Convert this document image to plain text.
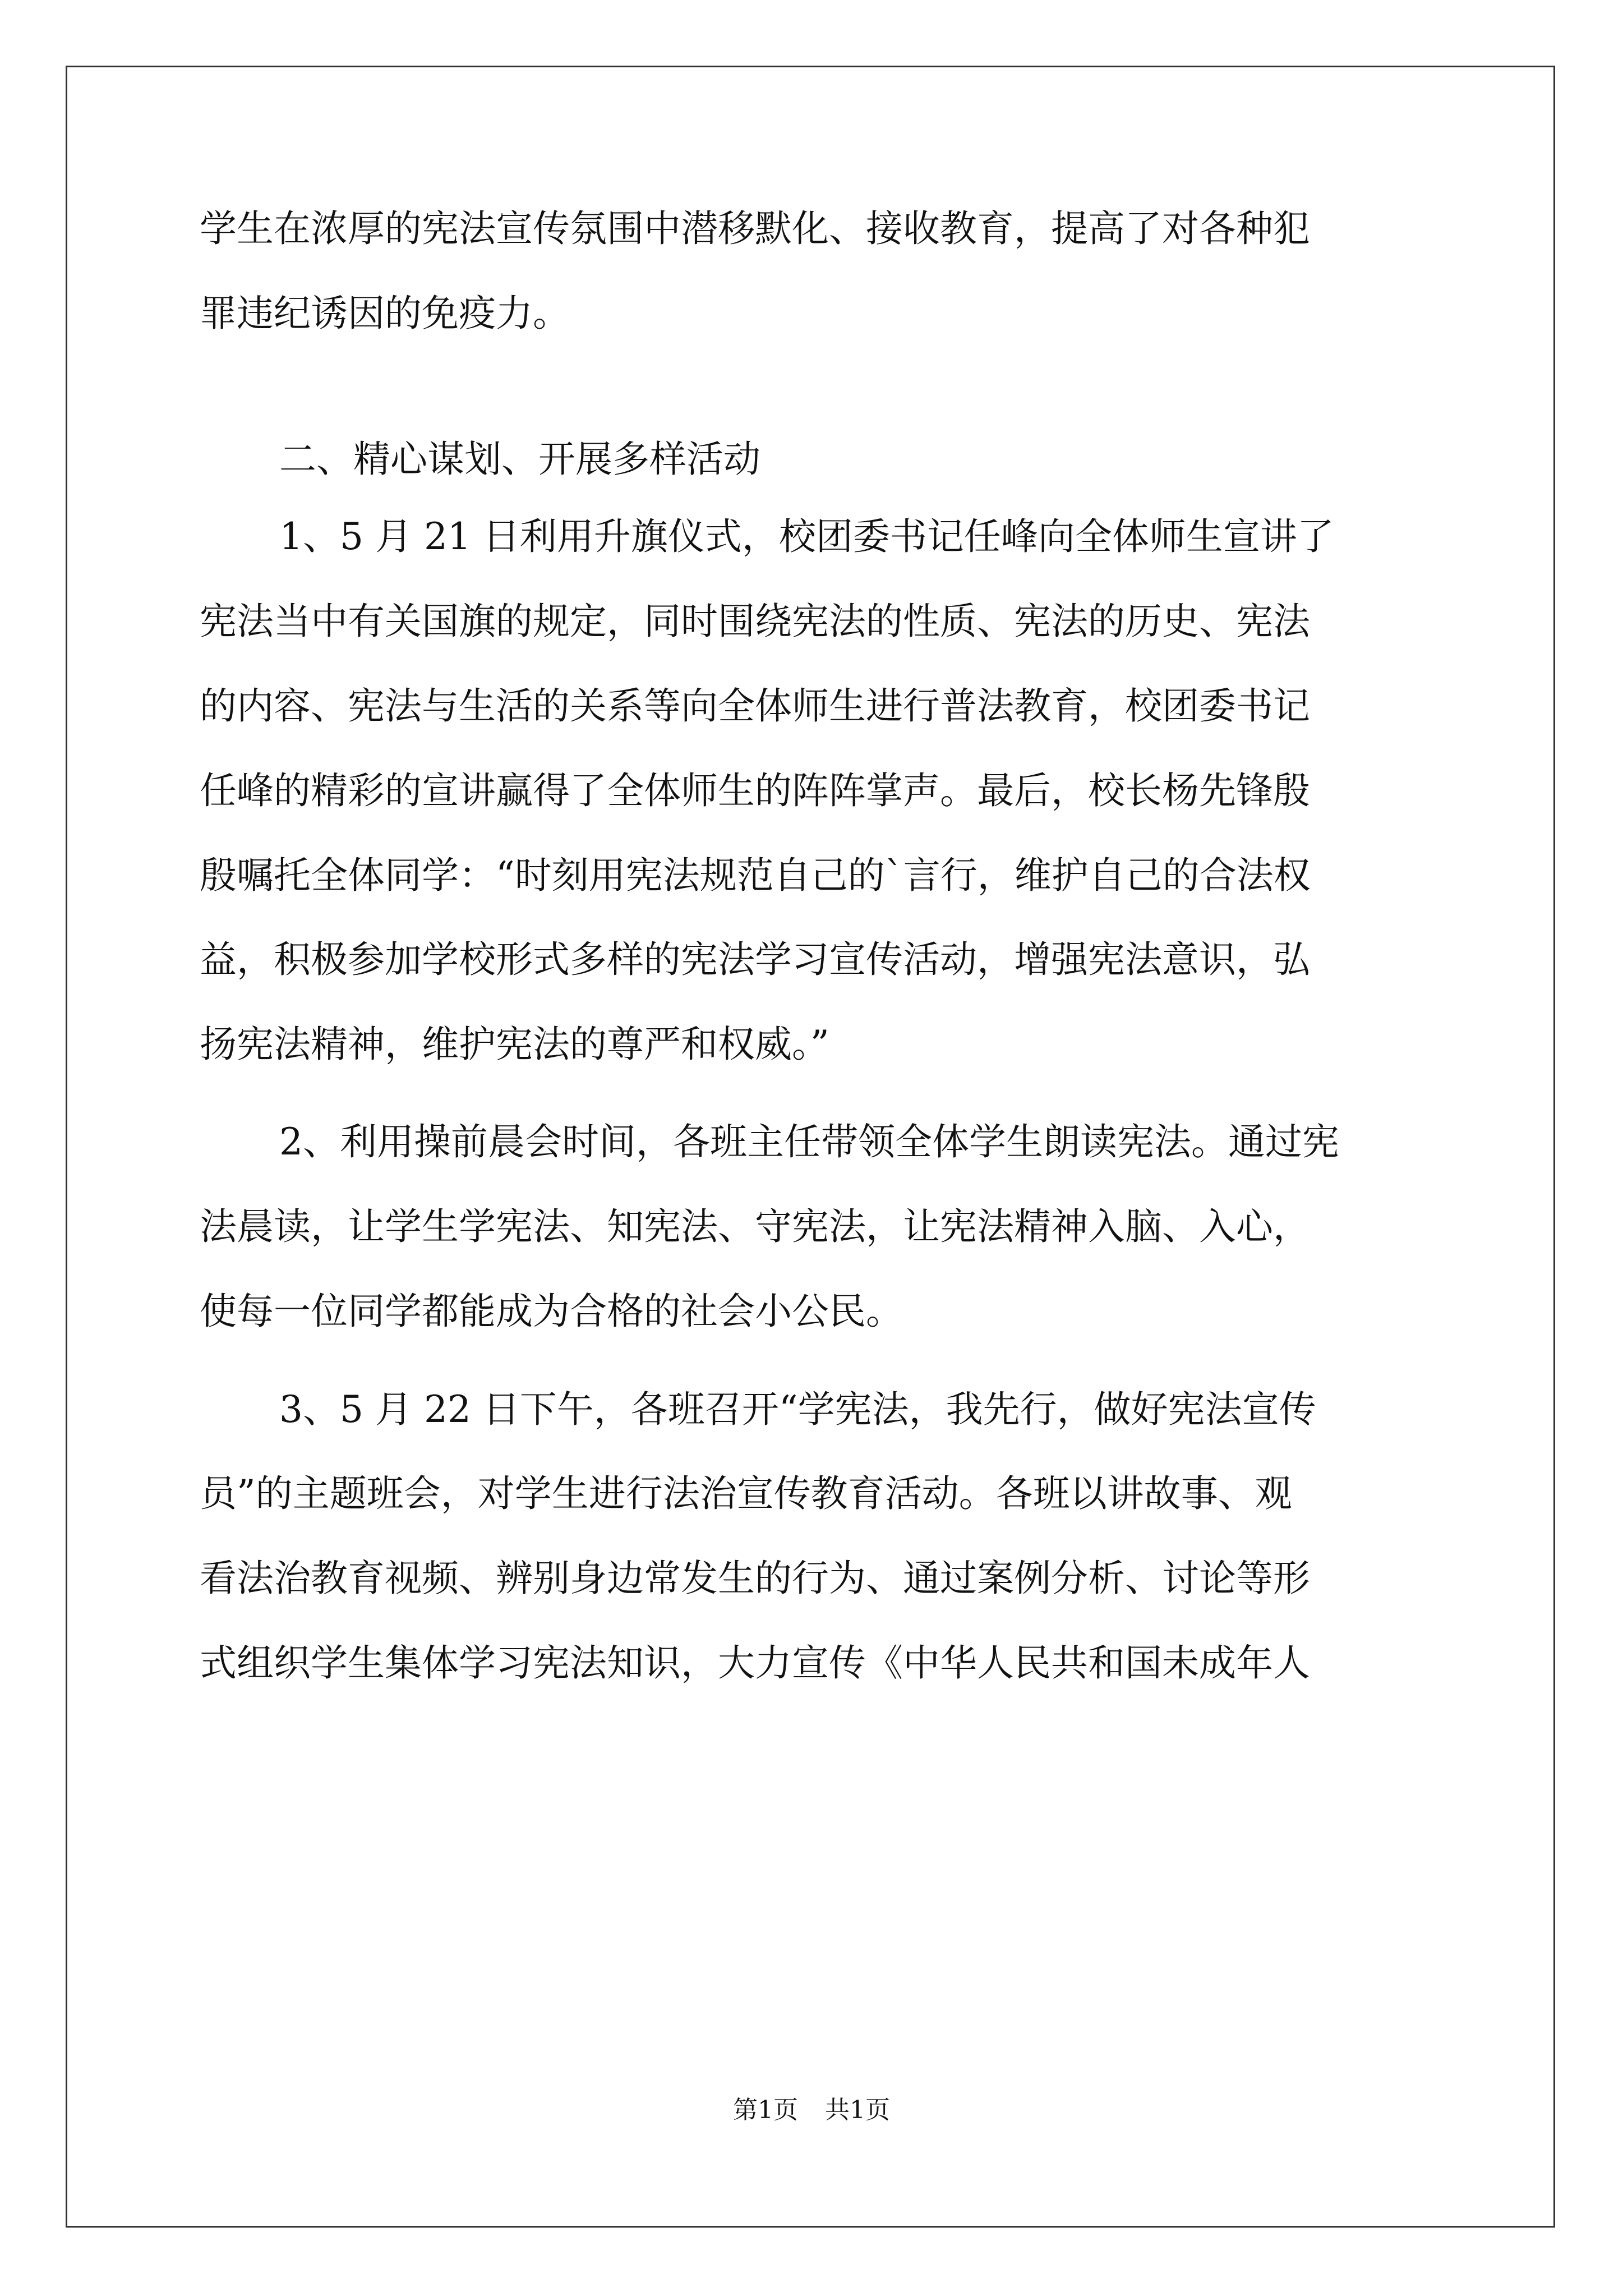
学生在浓厚的宪法宣传氛围中潜移默化、接收教育，提高了对各种犯
罪违纪诱因的免疫力。
二、精心谋划、开展多样活动
1、5 月 21 日利用升旗仪式，校团委书记任峰向全体师生宣讲了
宪法当中有关国旗的规定，同时围绕宪法的性质、宪法的历史、宪法
的内容、宪法与生活的关系等向全体师生进行普法教育，校团委书记
任峰的精彩的宣讲赢得了全体师生的阵阵掌声。最后，校长杨先锋殷
殷嘱托全体同学：“时刻用宪法规范自己的`言行，维护自己的合法权
益，积极参加学校形式多样的宪法学习宣传活动，增强宪法意识，弘
扬宪法精神，维护宪法的尊严和权威。”
2、利用操前晨会时间，各班主任带领全体学生朗读宪法。通过宪
法晨读，让学生学宪法、知宪法、守宪法，让宪法精神入脑、入心，
使每一位同学都能成为合格的社会小公民。
3、5 月 22 日下午，各班召开“学宪法，我先行，做好宪法宣传
员”的主题班会，对学生进行法治宣传教育活动。各班以讲故事、观
看法治教育视频、辨别身边常发生的行为、通过案例分析、讨论等形
式组织学生集体学习宪法知识，大力宣传《中华人民共和国未成年人
第1页 共1页
